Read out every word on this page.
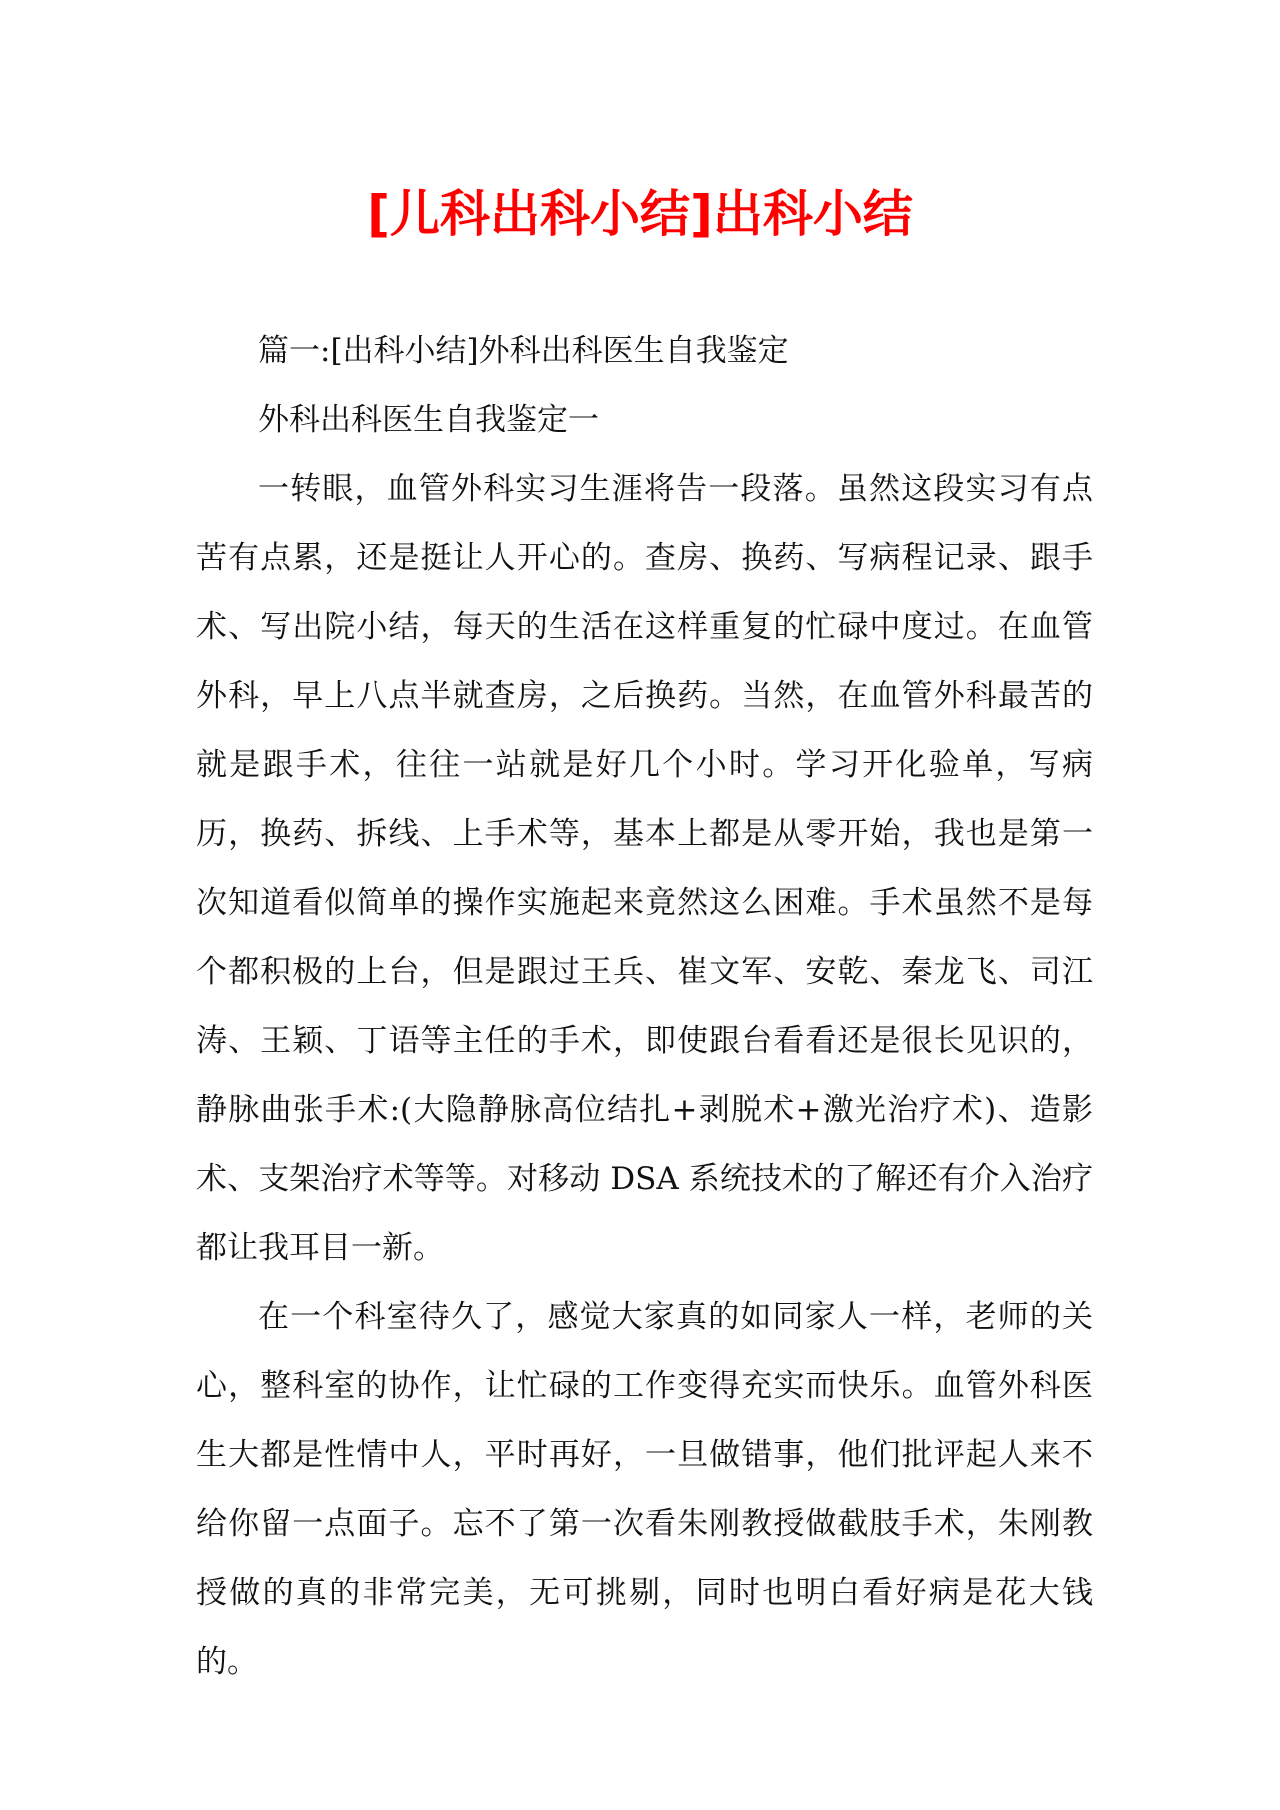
[儿科出科小结]出科小结

篇一:[出科小结]外科出科医生自我鉴定

外科出科医生自我鉴定一

一转眼，血管外科实习生涯将告一段落。虽然这段实习有点苦有点累，还是挺让人开心的。查房、换药、写病程记录、跟手术、写出院小结，每天的生活在这样重复的忙碌中度过。在血管外科，早上八点半就查房，之后换药。当然，在血管外科最苦的就是跟手术，往往一站就是好几个小时。学习开化验单，写病历，换药、拆线、上手术等，基本上都是从零开始，我也是第一次知道看似简单的操作实施起来竟然这么困难。手术虽然不是每个都积极的上台，但是跟过王兵、崔文军、安乾、秦龙飞、司江涛、王颖、丁语等主任的手术，即使跟台看看还是很长见识的，静脉曲张手术:(大隐静脉高位结扎+剥脱术+激光治疗术)、造影术、支架治疗术等等。对移动 DSA 系统技术的了解还有介入治疗都让我耳目一新。

在一个科室待久了，感觉大家真的如同家人一样，老师的关心，整科室的协作，让忙碌的工作变得充实而快乐。血管外科医生大都是性情中人，平时再好，一旦做错事，他们批评起人来不给你留一点面子。忘不了第一次看朱刚教授做截肢手术，朱刚教授做的真的非常完美，无可挑剔，同时也明白看好病是花大钱的。
